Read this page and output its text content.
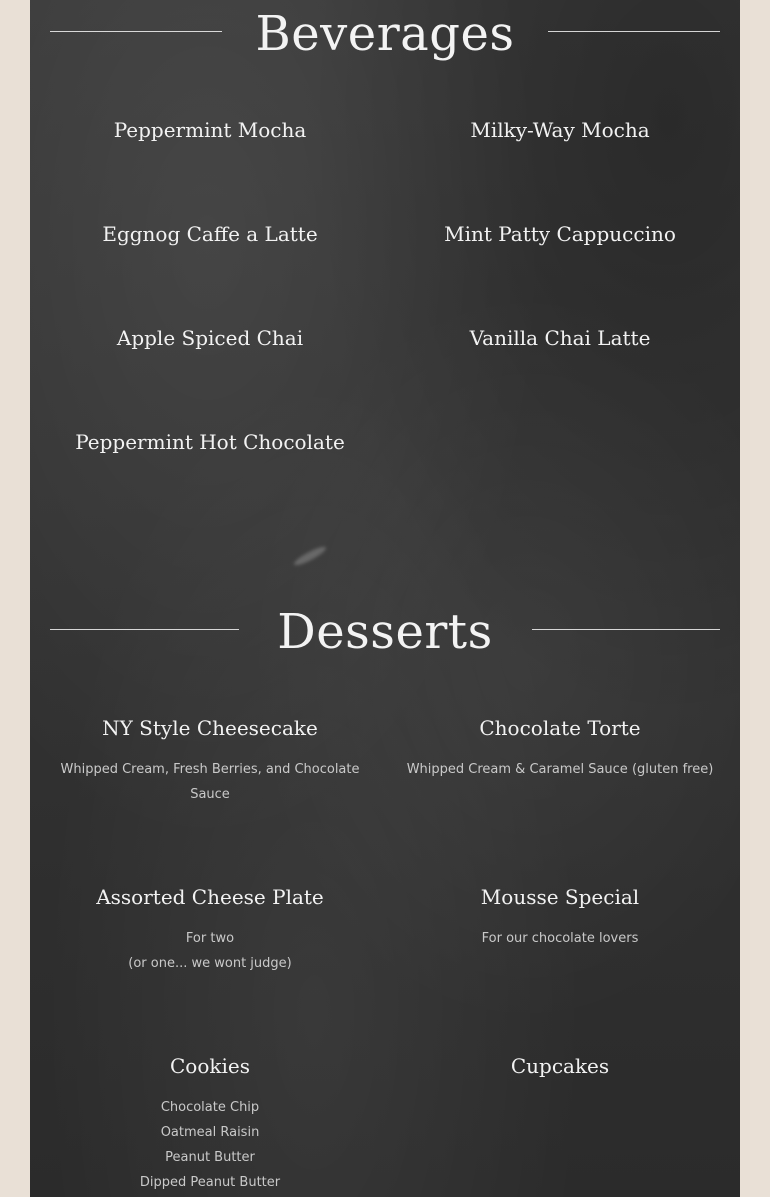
Beverages
Peppermint Mocha	Milky-Way Mocha
Eggnog Caffe a Latte	Mint Patty Cappuccino
Apple Spiced Chai	Vanilla Chai Latte
Peppermint Hot Chocolate
Desserts
NY Style Cheesecake
Whipped Cream, Fresh Berries, and Chocolate
Sauce
Chocolate Torte
Whipped Cream & Caramel Sauce (gluten free)
Assorted Cheese Plate
For two
(or one... we wont judge)
Mousse Special
For our chocolate lovers
Cookies
Chocolate Chip
Oatmeal Raisin
Peanut Butter
Dipped Peanut Butter
Cupcakes
